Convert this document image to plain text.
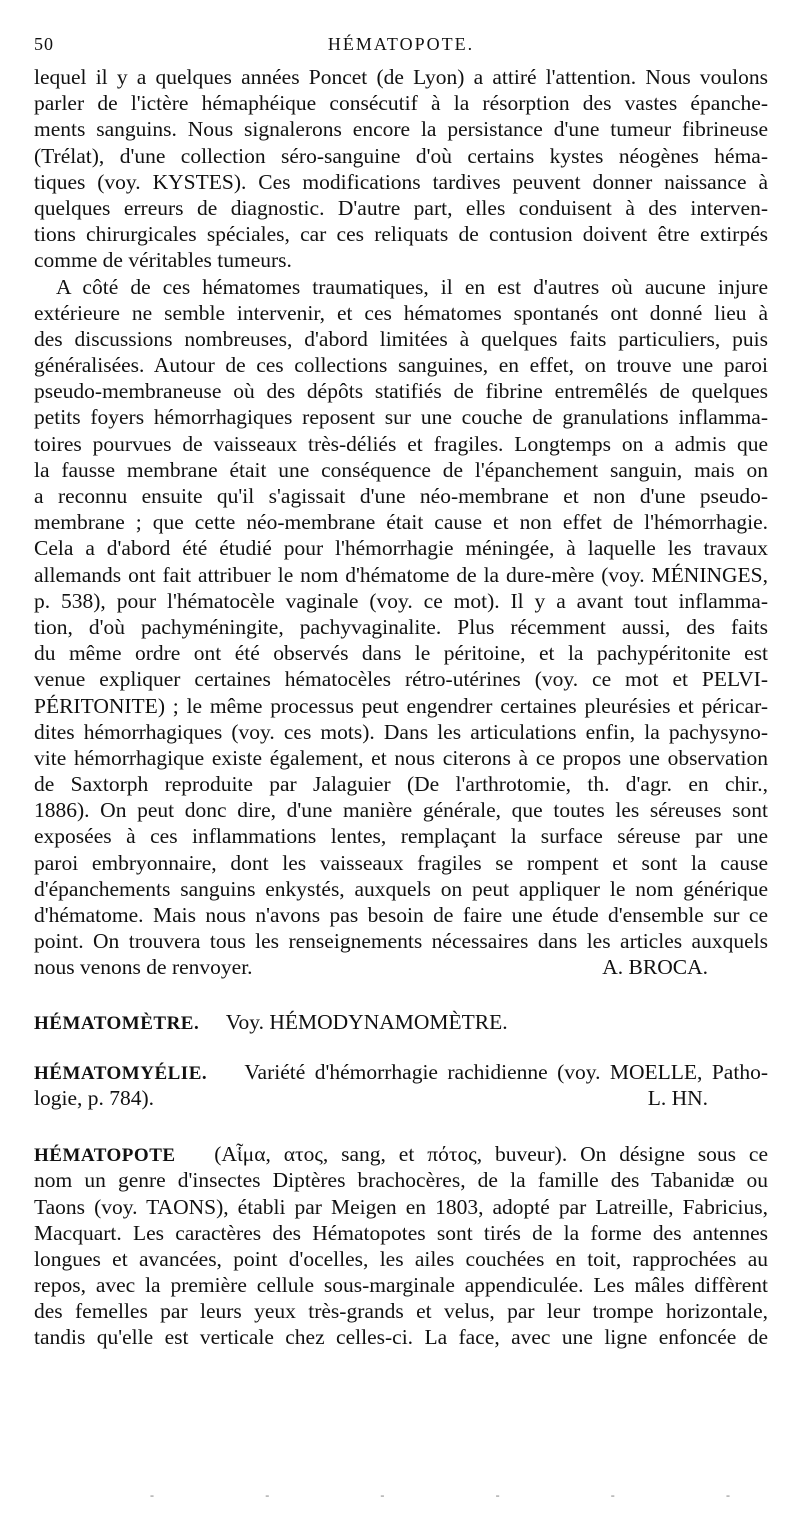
50	HÉMATOPOTE.
lequel il y a quelques années Poncet (de Lyon) a attiré l'attention. Nous voulons
parler de l'ictère hémaphéique consécutif à la résorption des vastes épanche-
ments sanguins. Nous signalerons encore la persistance d'une tumeur fibrineuse
(Trélat), d'une collection séro-sanguine d'où certains kystes néogènes héma-
tiques (voy. KYSTES). Ces modifications tardives peuvent donner naissance à
quelques erreurs de diagnostic. D'autre part, elles conduisent à des interven-
tions chirurgicales spéciales, car ces reliquats de contusion doivent être extirpés
comme de véritables tumeurs.
A côté de ces hématomes traumatiques, il en est d'autres où aucune injure
extérieure ne semble intervenir, et ces hématomes spontanés ont donné lieu à
des discussions nombreuses, d'abord limitées à quelques faits particuliers, puis
généralisées. Autour de ces collections sanguines, en effet, on trouve une paroi
pseudo-membraneuse où des dépôts statifiés de fibrine entremêlés de quelques
petits foyers hémorrhagiques reposent sur une couche de granulations inflamma-
toires pourvues de vaisseaux très-déliés et fragiles. Longtemps on a admis que
la fausse membrane était une conséquence de l'épanchement sanguin, mais on
a reconnu ensuite qu'il s'agissait d'une néo-membrane et non d'une pseudo-
membrane ; que cette néo-membrane était cause et non effet de l'hémorrhagie.
Cela a d'abord été étudié pour l'hémorrhagie méningée, à laquelle les travaux
allemands ont fait attribuer le nom d'hématome de la dure-mère (voy. MÉNINGES,
p. 538), pour l'hématocèle vaginale (voy. ce mot). Il y a avant tout inflamma-
tion, d'où pachyméningite, pachyvaginalite. Plus récemment aussi, des faits
du même ordre ont été observés dans le péritoine, et la pachypéritonite est
venue expliquer certaines hématocèles rétro-utérines (voy. ce mot et PELVI-
PÉRITONITE) ; le même processus peut engendrer certaines pleurésies et péricar-
dites hémorrhagiques (voy. ces mots). Dans les articulations enfin, la pachysyno-
vite hémorrhagique existe également, et nous citerons à ce propos une observation
de Saxtorph reproduite par Jalaguier (De l'arthrotomie, th. d'agr. en chir.,
1886). On peut donc dire, d'une manière générale, que toutes les séreuses sont
exposées à ces inflammations lentes, remplaçant la surface séreuse par une
paroi embryonnaire, dont les vaisseaux fragiles se rompent et sont la cause
d'épanchements sanguins enkystés, auxquels on peut appliquer le nom générique
d'hématome. Mais nous n'avons pas besoin de faire une étude d'ensemble sur ce
point. On trouvera tous les renseignements nécessaires dans les articles auxquels
nous venons de renvoyer.	A. BROCA.
HÉMATOMÈTRE. Voy. HÉMODYNAMOMÈTRE.
HÉMATOMYÉLIE. Variété d'hémorrhagie rachidienne (voy. MOELLE, Patho-
logie, p. 784).	L. HN.
HÉMATOPOTE (Αἷμα, ατος, sang, et πότος, buveur). On désigne sous ce
nom un genre d'insectes Diptères brachocères, de la famille des Tabanidæ ou
Taons (voy. TAONS), établi par Meigen en 1803, adopté par Latreille, Fabricius,
Macquart. Les caractères des Hématopotes sont tirés de la forme des antennes
longues et avancées, point d'ocelles, les ailes couchées en toit, rapprochées au
repos, avec la première cellule sous-marginale appendiculée. Les mâles diffèrent
des femelles par leurs yeux très-grands et velus, par leur trompe horizontale,
tandis qu'elle est verticale chez celles-ci. La face, avec une ligne enfoncée de
-	-	-	-	-	-
